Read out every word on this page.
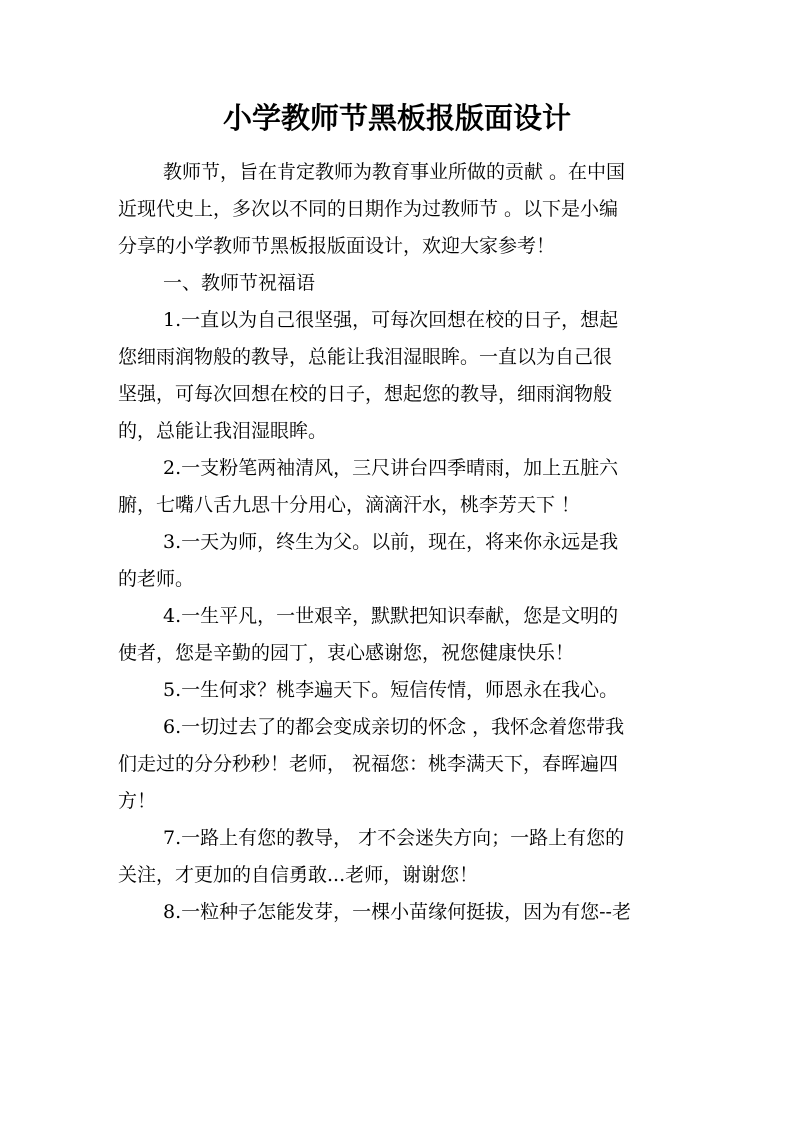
小学教师节黑板报版面设计
教师节，旨在肯定教师为教育事业所做的贡献 。在中国
近现代史上，多次以不同的日期作为过教师节 。以下是小编
分享的小学教师节黑板报版面设计，欢迎大家参考！
一、教师节祝福语
1.一直以为自己很坚强，可每次回想在校的日子，想起
您细雨润物般的教导，总能让我泪湿眼眸。一直以为自己很
坚强，可每次回想在校的日子，想起您的教导，细雨润物般
的，总能让我泪湿眼眸。
2.一支粉笔两袖清风，三尺讲台四季晴雨，加上五脏六
腑，七嘴八舌九思十分用心，滴滴汗水，桃李芳天下 ！
3.一天为师，终生为父。以前，现在，将来你永远是我
的老师。
4.一生平凡，一世艰辛，默默把知识奉献，您是文明的
使者，您是辛勤的园丁，衷心感谢您，祝您健康快乐！
5.一生何求？桃李遍天下。短信传情，师恩永在我心。
6.一切过去了的都会变成亲切的怀念 ，我怀念着您带我
们走过的分分秒秒！老师， 祝福您：桃李满天下，春晖遍四
方！
7.一路上有您的教导， 才不会迷失方向；一路上有您的
关注，才更加的自信勇敢...老师，谢谢您！
8.一粒种子怎能发芽，一棵小苗缘何挺拔，因为有您--老
